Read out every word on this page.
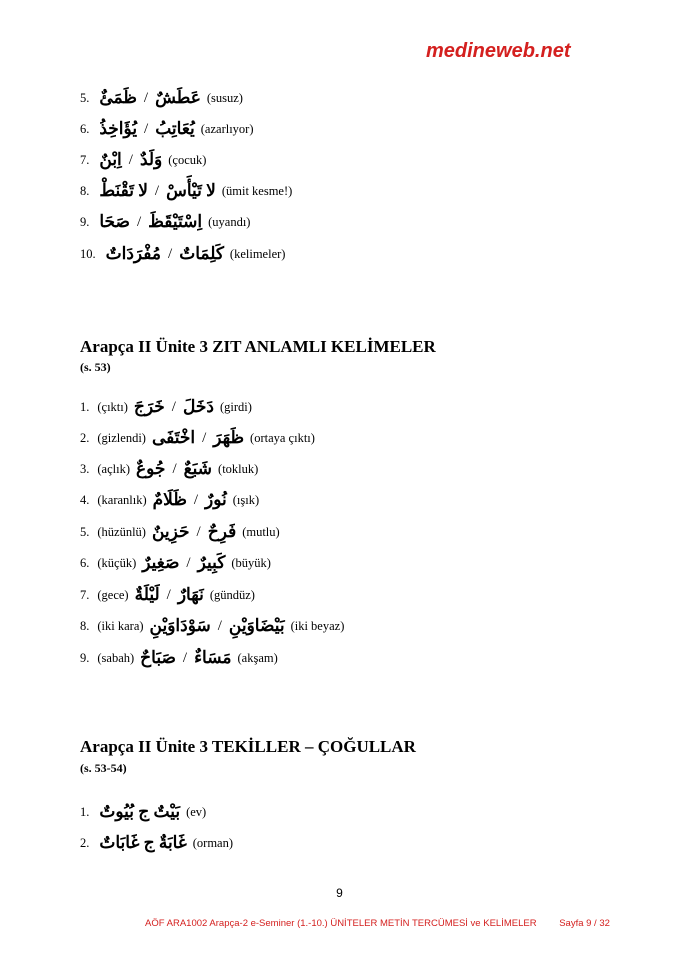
medineweb.net
5. ظَمَئٌ / عَطَشٌ (susuz)
6. يُؤَاخِذُ / يُعَاتِبُ (azarlıyor)
7. اِبْنٌ / وَلَدٌ (çocuk)
8. لا تَقْنَطْ / لا تَيْأَسْ (ümit kesme!)
9. صَحَا / اِسْتَيْقَظَ (uyandı)
10. مُفْرَدَاتٌ / كَلِمَاتٌ (kelimeler)
Arapça II Ünite 3 ZIT ANLAMLI KELİMELER
(s. 53)
1. (çıktı) خَرَجَ / دَخَلَ (girdi)
2. (gizlendi) اخْتَفَى / ظَهَرَ (ortaya çıktı)
3. (açlık) جُوعٌ / شَبَعٌ (tokluk)
4. (karanlık) ظَلَامٌ / نُورٌ (ışık)
5. (hüzünlü) حَزِينٌ / فَرِحٌ (mutlu)
6. (küçük) صَغِيرٌ / كَبِيرٌ (büyük)
7. (gece) لَيْلَةٌ / نَهَارٌ (gündüz)
8. (iki kara) سَوْدَاوَيْنِ / بَيْضَاوَيْنِ (iki beyaz)
9. (sabah) صَبَاحٌ / مَسَاءٌ (akşam)
Arapça II Ünite 3 TEKİLLER – ÇOĞULLAR
(s. 53-54)
1. بَيْتٌ ج بُيُوتٌ (ev)
2. غَابَةٌ ج غَابَاتٌ (orman)
9
AÖF ARA1002 Arapça-2 e-Seminer (1.-10.) ÜNİTELER METİN TERCÜMESİ ve KELİMELER Sayfa 9 / 32
